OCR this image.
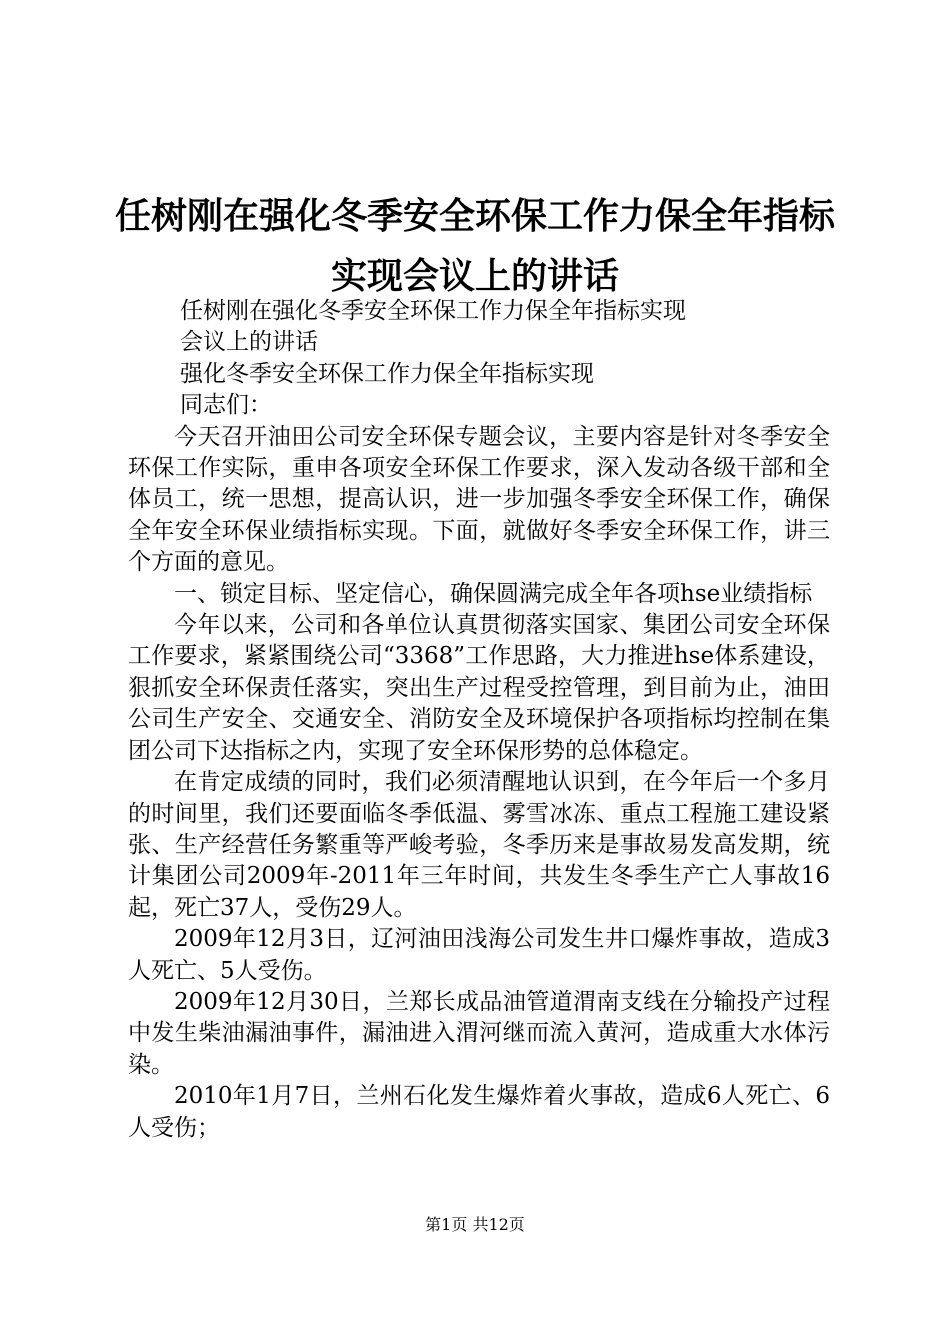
任树刚在强化冬季安全环保工作力保全年指标
实现会议上的讲话

任树刚在强化冬季安全环保工作力保全年指标实现

会议上的讲话

强化冬季安全环保工作力保全年指标实现

同志们：

今天召开油田公司安全环保专题会议，主要内容是针对冬季安全环保工作实际，重申各项安全环保工作要求，深入发动各级干部和全体员工，统一思想，提高认识，进一步加强冬季安全环保工作，确保全年安全环保业绩指标实现。下面，就做好冬季安全环保工作，讲三个方面的意见。

一、锁定目标、坚定信心，确保圆满完成全年各项hse业绩指标

今年以来，公司和各单位认真贯彻落实国家、集团公司安全环保工作要求，紧紧围绕公司“3368”工作思路，大力推进hse体系建设，狠抓安全环保责任落实，突出生产过程受控管理，到目前为止，油田公司生产安全、交通安全、消防安全及环境保护各项指标均控制在集团公司下达指标之内，实现了安全环保形势的总体稳定。

在肯定成绩的同时，我们必须清醒地认识到，在今年后一个多月的时间里，我们还要面临冬季低温、雾雪冰冻、重点工程施工建设紧张、生产经营任务繁重等严峻考验，冬季历来是事故易发高发期，统计集团公司2009年-2011年三年时间，共发生冬季生产亡人事故16起，死亡37人，受伤29人。

2009年12月3日，辽河油田浅海公司发生井口爆炸事故，造成3人死亡、5人受伤。

2009年12月30日，兰郑长成品油管道渭南支线在分输投产过程中发生柴油漏油事件，漏油进入渭河继而流入黄河，造成重大水体污染。

2010年1月7日，兰州石化发生爆炸着火事故，造成6人死亡、6人受伤；

第1页 共12页
